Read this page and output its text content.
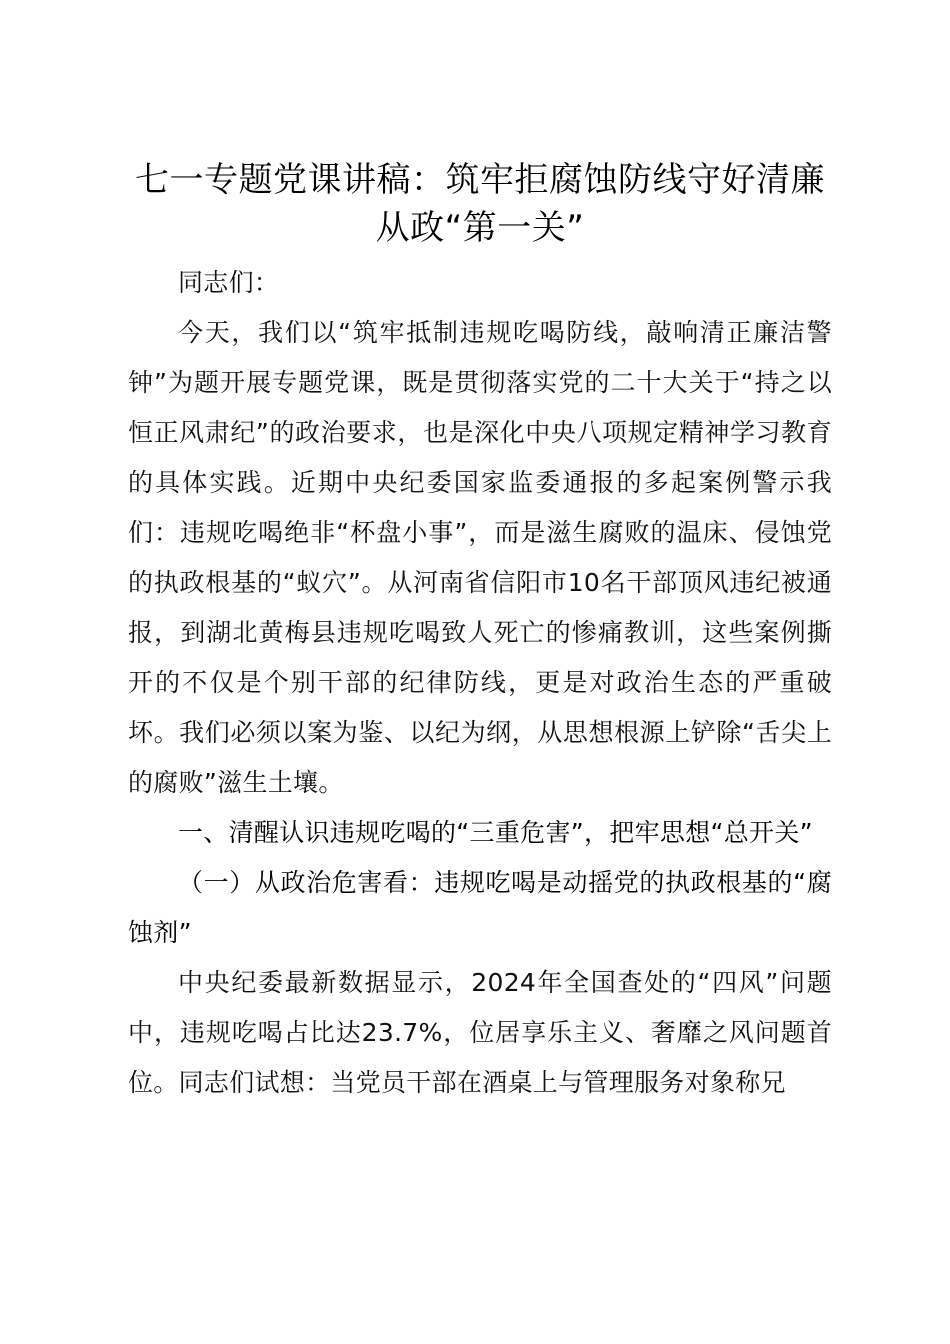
七一专题党课讲稿：筑牢拒腐蚀防线守好清廉从政“第一关”

同志们：

今天，我们以“筑牢抵制违规吃喝防线，敲响清正廉洁警钟”为题开展专题党课，既是贯彻落实党的二十大关于“持之以恒正风肃纪”的政治要求，也是深化中央八项规定精神学习教育的具体实践。近期中央纪委国家监委通报的多起案例警示我们：违规吃喝绝非“杯盘小事”，而是滋生腐败的温床、侵蚀党的执政根基的“蚁穴”。从河南省信阳市10名干部顶风违纪被通报，到湖北黄梅县违规吃喝致人死亡的惨痛教训，这些案例撕开的不仅是个别干部的纪律防线，更是对政治生态的严重破坏。我们必须以案为鉴、以纪为纲，从思想根源上铲除“舌尖上的腐败”滋生土壤。

一、清醒认识违规吃喝的“三重危害”，把牢思想“总开关”

（一）从政治危害看：违规吃喝是动摇党的执政根基的“腐蚀剂”

中央纪委最新数据显示，2024年全国查处的“四风”问题中，违规吃喝占比达23.7%，位居享乐主义、奢靡之风问题首位。同志们试想：当党员干部在酒桌上与管理服务对象称兄
